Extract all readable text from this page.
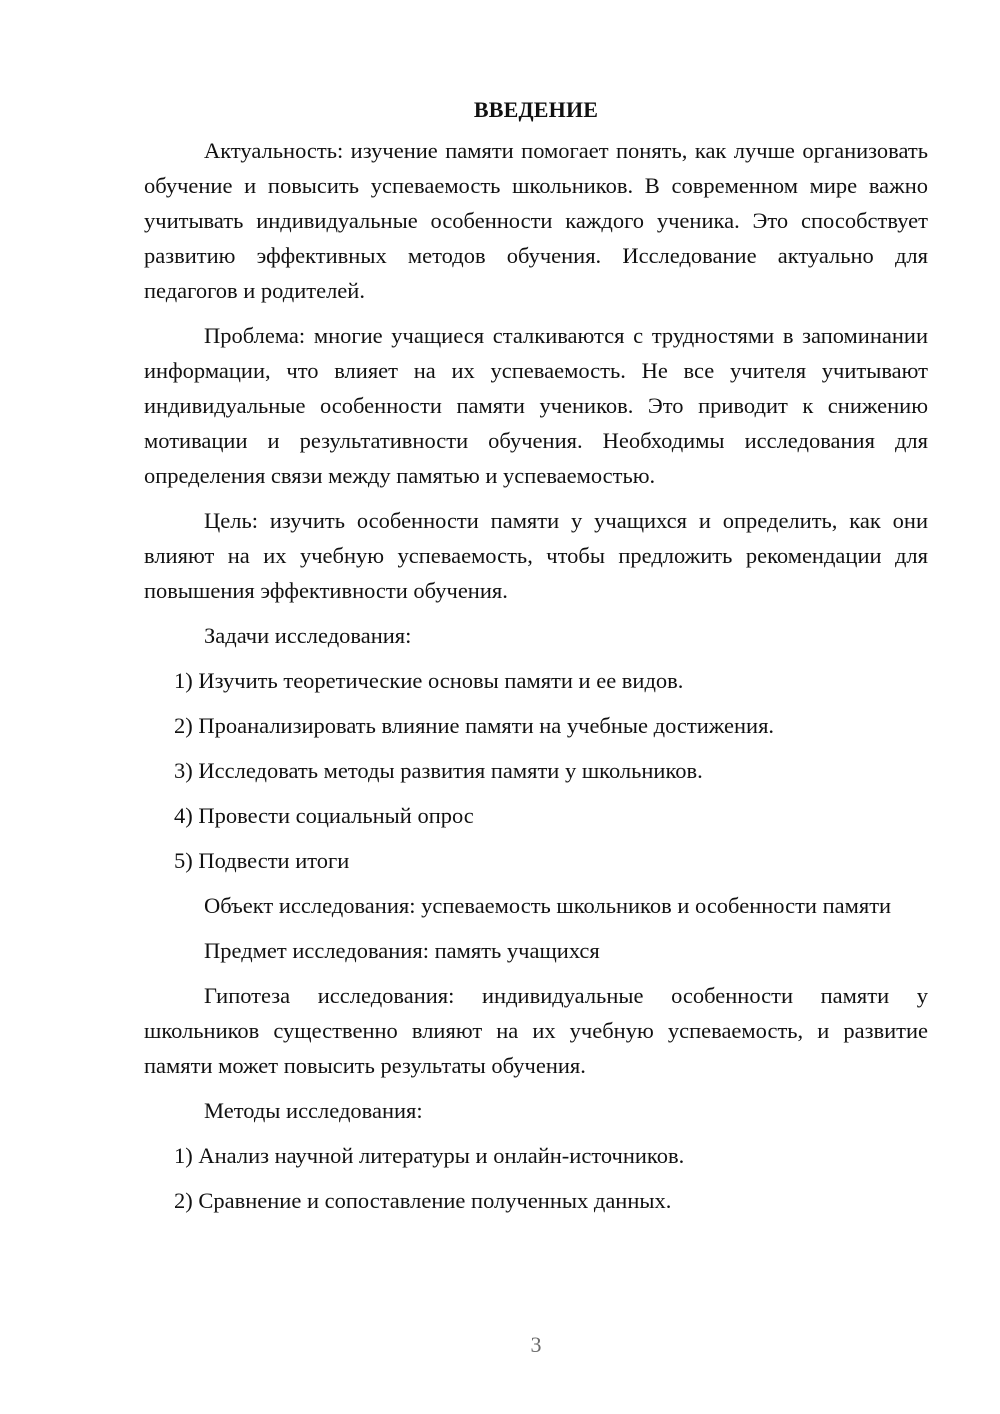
ВВЕДЕНИЕ

Актуальность: изучение памяти помогает понять, как лучше организовать обучение и повысить успеваемость школьников. В современном мире важно учитывать индивидуальные особенности каждого ученика. Это способствует развитию эффективных методов обучения. Исследование актуально для педагогов и родителей.

Проблема: многие учащиеся сталкиваются с трудностями в запоминании информации, что влияет на их успеваемость. Не все учителя учитывают индивидуальные особенности памяти учеников. Это приводит к снижению мотивации и результативности обучения. Необходимы исследования для определения связи между памятью и успеваемостью.

Цель: изучить особенности памяти у учащихся и определить, как они влияют на их учебную успеваемость, чтобы предложить рекомендации для повышения эффективности обучения.

Задачи исследования:
1) Изучить теоретические основы памяти и ее видов.
2) Проанализировать влияние памяти на учебные достижения.
3) Исследовать методы развития памяти у школьников.
4) Провести социальный опрос
5) Подвести итоги

Объект исследования: успеваемость школьников и особенности памяти

Предмет исследования: память учащихся

Гипотеза исследования: индивидуальные особенности памяти у школьников существенно влияют на их учебную успеваемость, и развитие памяти может повысить результаты обучения.

Методы исследования:
1) Анализ научной литературы и онлайн-источников.
2) Сравнение и сопоставление полученных данных.
3
